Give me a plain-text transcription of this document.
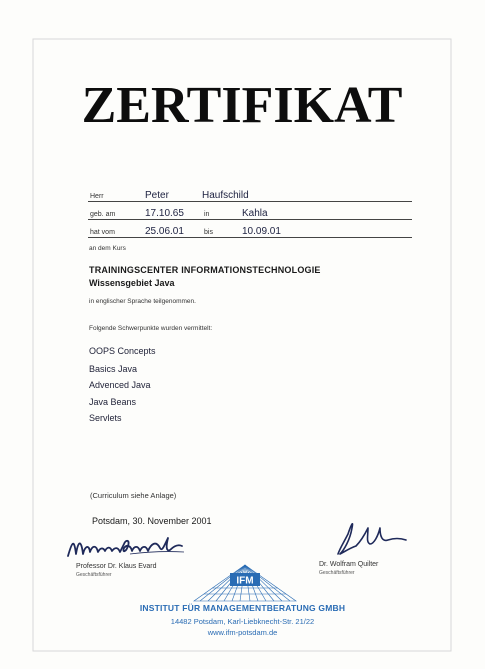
ZERTIFIKAT
Herr	Peter	Haufschild
geb. am	17.10.65	in	Kahla
hat vom	25.06.01	bis	10.09.01
an dem Kurs
TRAININGSCENTER INFORMATIONSTECHNOLOGIE
Wissensgebiet Java
in englischer Sprache teilgenommen.
Folgende Schwerpunkte wurden vermittelt:
OOPS Concepts
Basics Java
Advenced Java
Java Beans
Servlets
(Curriculum siehe Anlage)
Potsdam, 30. November 2001
Professor Dr. Klaus Evard
Geschäftsführer
Dr. Wolfram Quilter
Geschäftsführer
IFM
INSTITUT FÜR MANAGEMENTBERATUNG GMBH
14482 Potsdam, Karl-Liebknecht-Str. 21/22
www.ifm-potsdam.de
